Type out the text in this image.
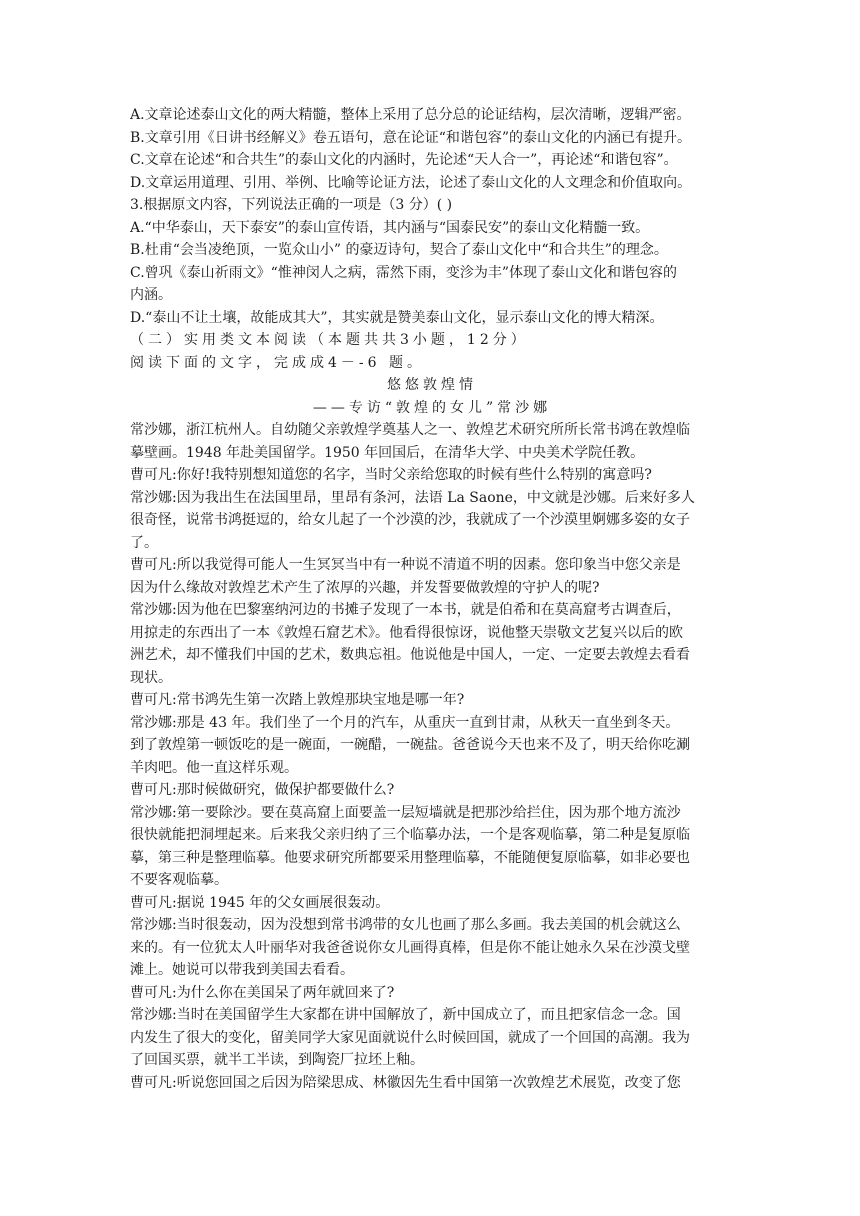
A.文章论述泰山文化的两大精髓，整体上采用了总分总的论证结构，层次清晰，逻辑严密。
B.文章引用《日讲书经解义》卷五语句，意在论证“和谐包容”的泰山文化的内涵已有提升。
C.文章在论述“和合共生”的泰山文化的内涵时，先论述“天人合一”，再论述“和谐包容”。
D.文章运用道理、引用、举例、比喻等论证方法，论述了泰山文化的人文理念和价值取向。
3.根据原文内容，下列说法正确的一项是（3 分）( )
A.“中华泰山，天下泰安”的泰山宣传语，其内涵与“国泰民安”的泰山文化精髓一致。
B.杜甫“会当凌绝顶，一览众山小” 的豪迈诗句，契合了泰山文化中“和合共生”的理念。
C.曾巩《泰山祈雨文》“惟神闵人之病，霈然下雨，变沴为丰”体现了泰山文化和谐包容的
内涵。
D.“泰山不让土壤，故能成其大”，其实就是赞美泰山文化，显示泰山文化的博大精深。
（二）实用类文本阅读（本题共共3小题，12分）
阅读下面的文字，完成成4－-6 题。
悠悠敦煌情
——专访“敦煌的女儿”常沙娜
常沙娜，浙江杭州人。自幼随父亲敦煌学奠基人之一、敦煌艺术研究所所长常书鸿在敦煌临
摹壁画。1948 年赴美国留学。1950 年回国后，在清华大学、中央美术学院任教。
曹可凡:你好!我特别想知道您的名字，当时父亲给您取的时候有些什么特别的寓意吗?
常沙娜:因为我出生在法国里昂，里昂有条河，法语 La Saone，中文就是沙娜。后来好多人
很奇怪，说常书鸿挺逗的，给女儿起了一个沙漠的沙，我就成了一个沙漠里婀娜多姿的女子
了。
曹可凡:所以我觉得可能人一生冥冥当中有一种说不清道不明的因素。您印象当中您父亲是
因为什么缘故对敦煌艺术产生了浓厚的兴趣，并发誓要做敦煌的守护人的呢?
常沙娜:因为他在巴黎塞纳河边的书摊子发现了一本书，就是伯希和在莫高窟考古调查后，
用掠走的东西出了一本《敦煌石窟艺术》。他看得很惊讶，说他整天崇敬文艺复兴以后的欧
洲艺术，却不懂我们中国的艺术，数典忘祖。他说他是中国人，一定、一定要去敦煌去看看
现状。
曹可凡:常书鸿先生第一次踏上敦煌那块宝地是哪一年?
常沙娜:那是 43 年。我们坐了一个月的汽车，从重庆一直到甘肃，从秋天一直坐到冬天。
到了敦煌第一顿饭吃的是一碗面，一碗醋，一碗盐。爸爸说今天也来不及了，明天给你吃涮
羊肉吧。他一直这样乐观。
曹可凡:那时候做研究，做保护都要做什么?
常沙娜:第一要除沙。要在莫高窟上面要盖一层短墙就是把那沙给拦住，因为那个地方流沙
很快就能把洞埋起来。后来我父亲归纳了三个临摹办法，一个是客观临摹，第二种是复原临
摹，第三种是整理临摹。他要求研究所都要采用整理临摹，不能随便复原临摹，如非必要也
不要客观临摹。
曹可凡:据说 1945 年的父女画展很轰动。
常沙娜:当时很轰动，因为没想到常书鸿带的女儿也画了那么多画。我去美国的机会就这么
来的。有一位犹太人叶丽华对我爸爸说你女儿画得真棒，但是你不能让她永久呆在沙漠戈壁
滩上。她说可以带我到美国去看看。
曹可凡:为什么你在美国呆了两年就回来了?
常沙娜:当时在美国留学生大家都在讲中国解放了，新中国成立了，而且把家信念一念。国
内发生了很大的变化，留美同学大家见面就说什么时候回国，就成了一个回国的高潮。我为
了回国买票，就半工半读，到陶瓷厂拉坯上釉。
曹可凡:听说您回国之后因为陪梁思成、林徽因先生看中国第一次敦煌艺术展览，改变了您
